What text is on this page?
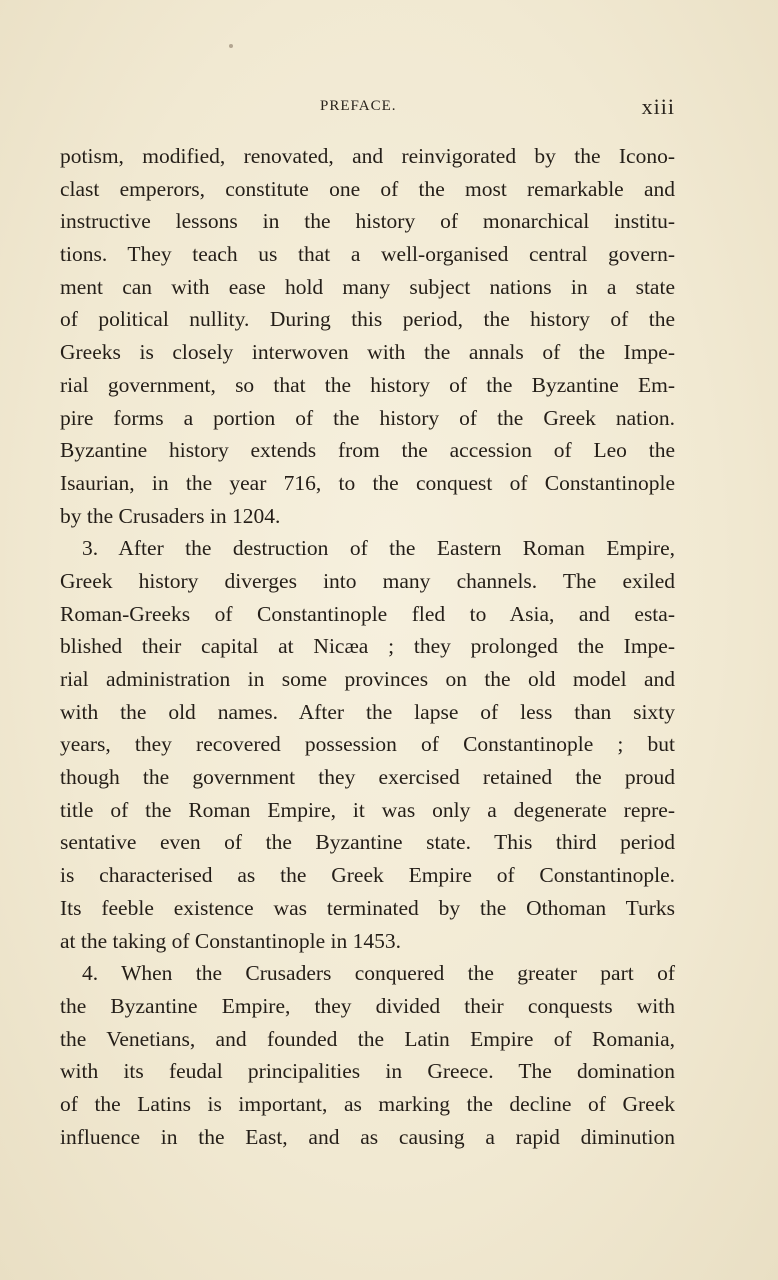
PREFACE.	xiii
potism, modified, renovated, and reinvigorated by the Icono-
clast emperors, constitute one of the most remarkable and
instructive lessons in the history of monarchical institu-
tions. They teach us that a well-organised central govern-
ment can with ease hold many subject nations in a state
of political nullity. During this period, the history of the
Greeks is closely interwoven with the annals of the Impe-
rial government, so that the history of the Byzantine Em-
pire forms a portion of the history of the Greek nation.
Byzantine history extends from the accession of Leo the
Isaurian, in the year 716, to the conquest of Constantinople
by the Crusaders in 1204.
3. After the destruction of the Eastern Roman Empire,
Greek history diverges into many channels. The exiled
Roman-Greeks of Constantinople fled to Asia, and esta-
blished their capital at Nicæa ; they prolonged the Impe-
rial administration in some provinces on the old model and
with the old names. After the lapse of less than sixty
years, they recovered possession of Constantinople ; but
though the government they exercised retained the proud
title of the Roman Empire, it was only a degenerate repre-
sentative even of the Byzantine state. This third period
is characterised as the Greek Empire of Constantinople.
Its feeble existence was terminated by the Othoman Turks
at the taking of Constantinople in 1453.
4. When the Crusaders conquered the greater part of
the Byzantine Empire, they divided their conquests with
the Venetians, and founded the Latin Empire of Romania,
with its feudal principalities in Greece. The domination
of the Latins is important, as marking the decline of Greek
influence in the East, and as causing a rapid diminution
